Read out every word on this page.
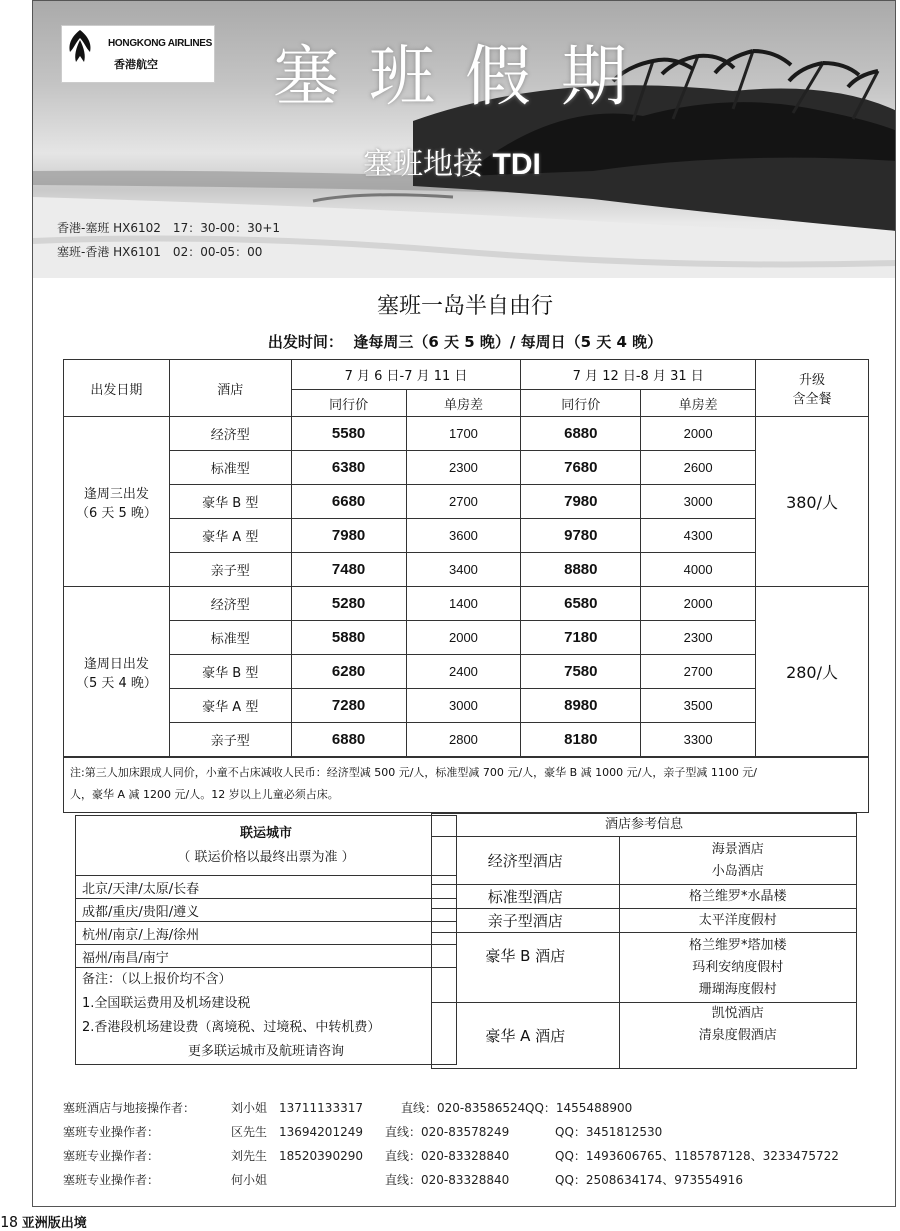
HONGKONG AIRLINES
香港航空 塞班假期
塞班地接 TDI
香港-塞班 HX6102　17：30-00：30+1
塞班-香港 HX6101　02：00-05：00
塞班一岛半自由行
出发时间： 逢每周三（6 天 5 晚）/ 每周日（5 天 4 晚）
出发日期	酒店	7 月 6 日-7 月 11 日		7 月 12 日-8 月 31 日		升级
含全餐

		同行价	单房差	同行价	单房差	

逢周三出发
（6 天 5 晚）	经济型	5580	1700	6880	2000	380/人
	标准型	6380	2300	7680	2600	
	豪华 B 型	6680	2700	7980	3000	
	豪华 A 型	7980	3600	9780	4300	
	亲子型	7480	3400	8880	4000	

逢周日出发
（5 天 4 晚）	经济型	5280	1400	6580	2000	280/人
	标准型	5880	2000	7180	2300	
	豪华 B 型	6280	2400	7580	2700	
	豪华 A 型	7280	3000	8980	3500	
	亲子型	6880	2800	8180	3300	
注:第三人加床跟成人同价，小童不占床减收人民币：经济型减 500 元/人，标准型减 700 元/人，豪华 B 减 1000 元/人，亲子型减 1100 元/
人，豪华 A 减 1200 元/人。12 岁以上儿童必须占床。
联运城市
（ 联运价格以最终出票为准 ）

北京/天津/太原/长春
成都/重庆/贵阳/遵义
杭州/南京/上海/徐州
福州/南昌/南宁

备注：（以上报价均不含）
1.全国联运费用及机场建设税
2.香港段机场建设费（离境税、过境税、中转机费）
更多联运城市及航班请咨询
酒店参考信息	
经济型酒店	海景酒店
小岛酒店

标准型酒店	格兰维罗*水晶楼
亲子型酒店	太平洋度假村
豪华 B 酒店	格兰维罗*塔加楼
玛利安纳度假村
珊瑚海度假村

豪华 A 酒店	凯悦酒店
清泉度假酒店
塞班酒店与地接操作者：	刘小姐　13711133317	直线：020-83586524 QQ：1455488900
塞班专业操作者：	区先生　13694201249 直线：020-83578249	QQ：3451812530
塞班专业操作者：	刘先生　18520390290 直线：020-83328840	QQ：1493606765、1185787128、3233475722
塞班专业操作者：	何小姐	直线：020-83328840	QQ：2508634174、973554916
18 亚洲版出境
